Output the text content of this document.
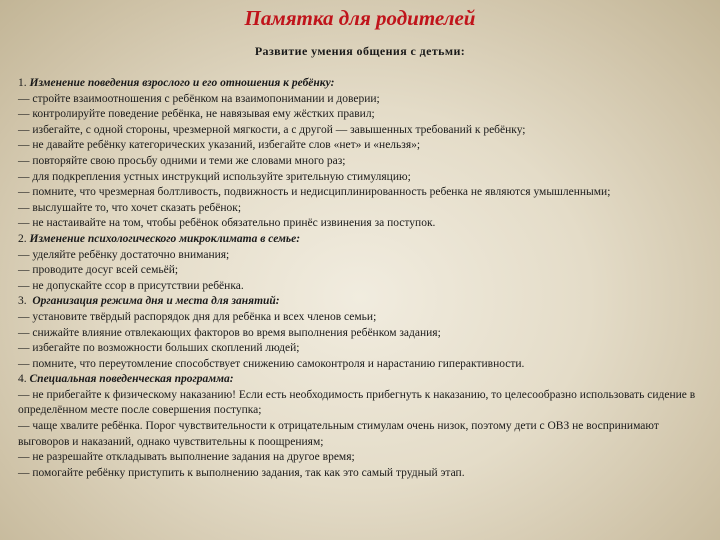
Памятка для родителей
Развитие умения общения с детьми:
1. Изменение поведения взрослого и его отношения к ребёнку:
— стройте взаимоотношения с ребёнком на взаимопонимании и доверии;
— контролируйте поведение ребёнка, не навязывая ему жёстких правил;
— избегайте, с одной стороны, чрезмерной мягкости, а с другой — завышенных требований к ребёнку;
— не давайте ребёнку категорических указаний, избегайте слов «нет» и «нельзя»;
— повторяйте свою просьбу одними и теми же словами много раз;
— для подкрепления устных инструкций используйте зрительную стимуляцию;
— помните, что чрезмерная болтливость, подвижность и недисциплинированность ребенка не являются умышленными;
— выслушайте то, что хочет сказать ребёнок;
— не настаивайте на том, чтобы ребёнок обязательно принёс извинения за поступок.
2. Изменение психологического микроклимата в семье:
— уделяйте ребёнку достаточно внимания;
— проводите досуг всей семьёй;
— не допускайте ссор в присутствии ребёнка.
3. Организация режима дня и места для занятий:
— установите твёрдый распорядок дня для ребёнка и всех членов семьи;
— снижайте влияние отвлекающих факторов во время выполнения ребёнком задания;
— избегайте по возможности больших скоплений людей;
— помните, что переутомление способствует снижению самоконтроля и нарастанию гиперактивности.
4. Специальная поведенческая программа:
— не прибегайте к физическому наказанию! Если есть необходимость прибегнуть к наказанию, то целесообразно использовать сидение в определённом месте после совершения поступка;
— чаще хвалите ребёнка. Порог чувствительности к отрицательным стимулам очень низок, поэтому дети с ОВЗ не воспринимают выговоров и наказаний, однако чувствительны к поощрениям;
— не разрешайте откладывать выполнение задания на другое время;
— помогайте ребёнку приступить к выполнению задания, так как это самый трудный этап.
